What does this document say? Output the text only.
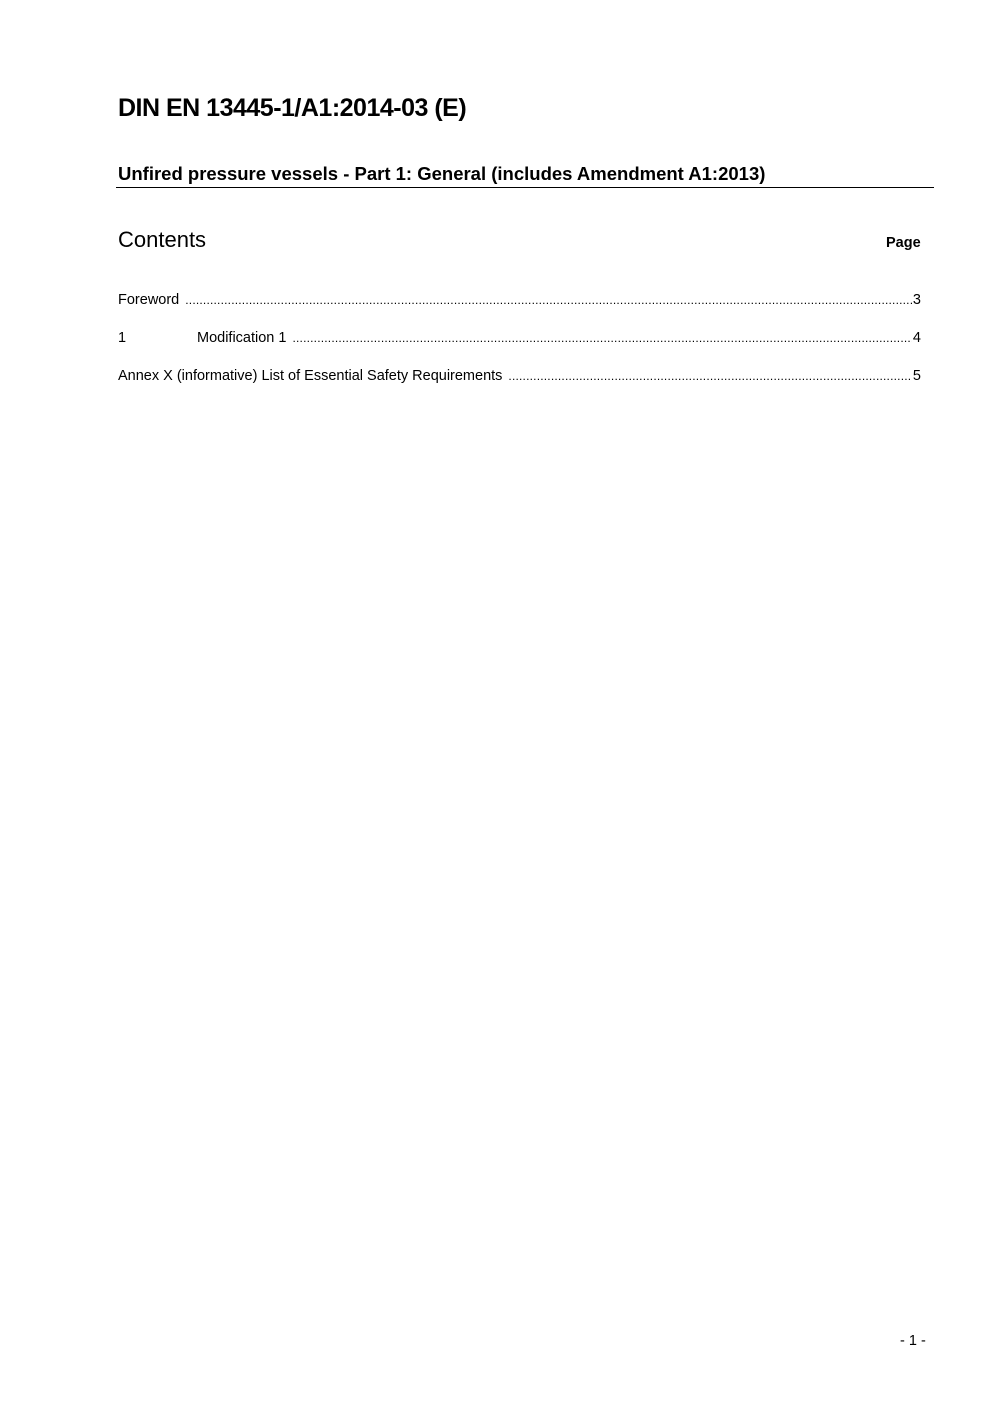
DIN EN 13445-1/A1:2014-03 (E)
Unfired pressure vessels - Part 1: General (includes Amendment A1:2013)
Contents	Page
Foreword .....	3
1	Modification 1 .....	4
Annex X (informative) List of Essential Safety Requirements .....	5
- 1 -
